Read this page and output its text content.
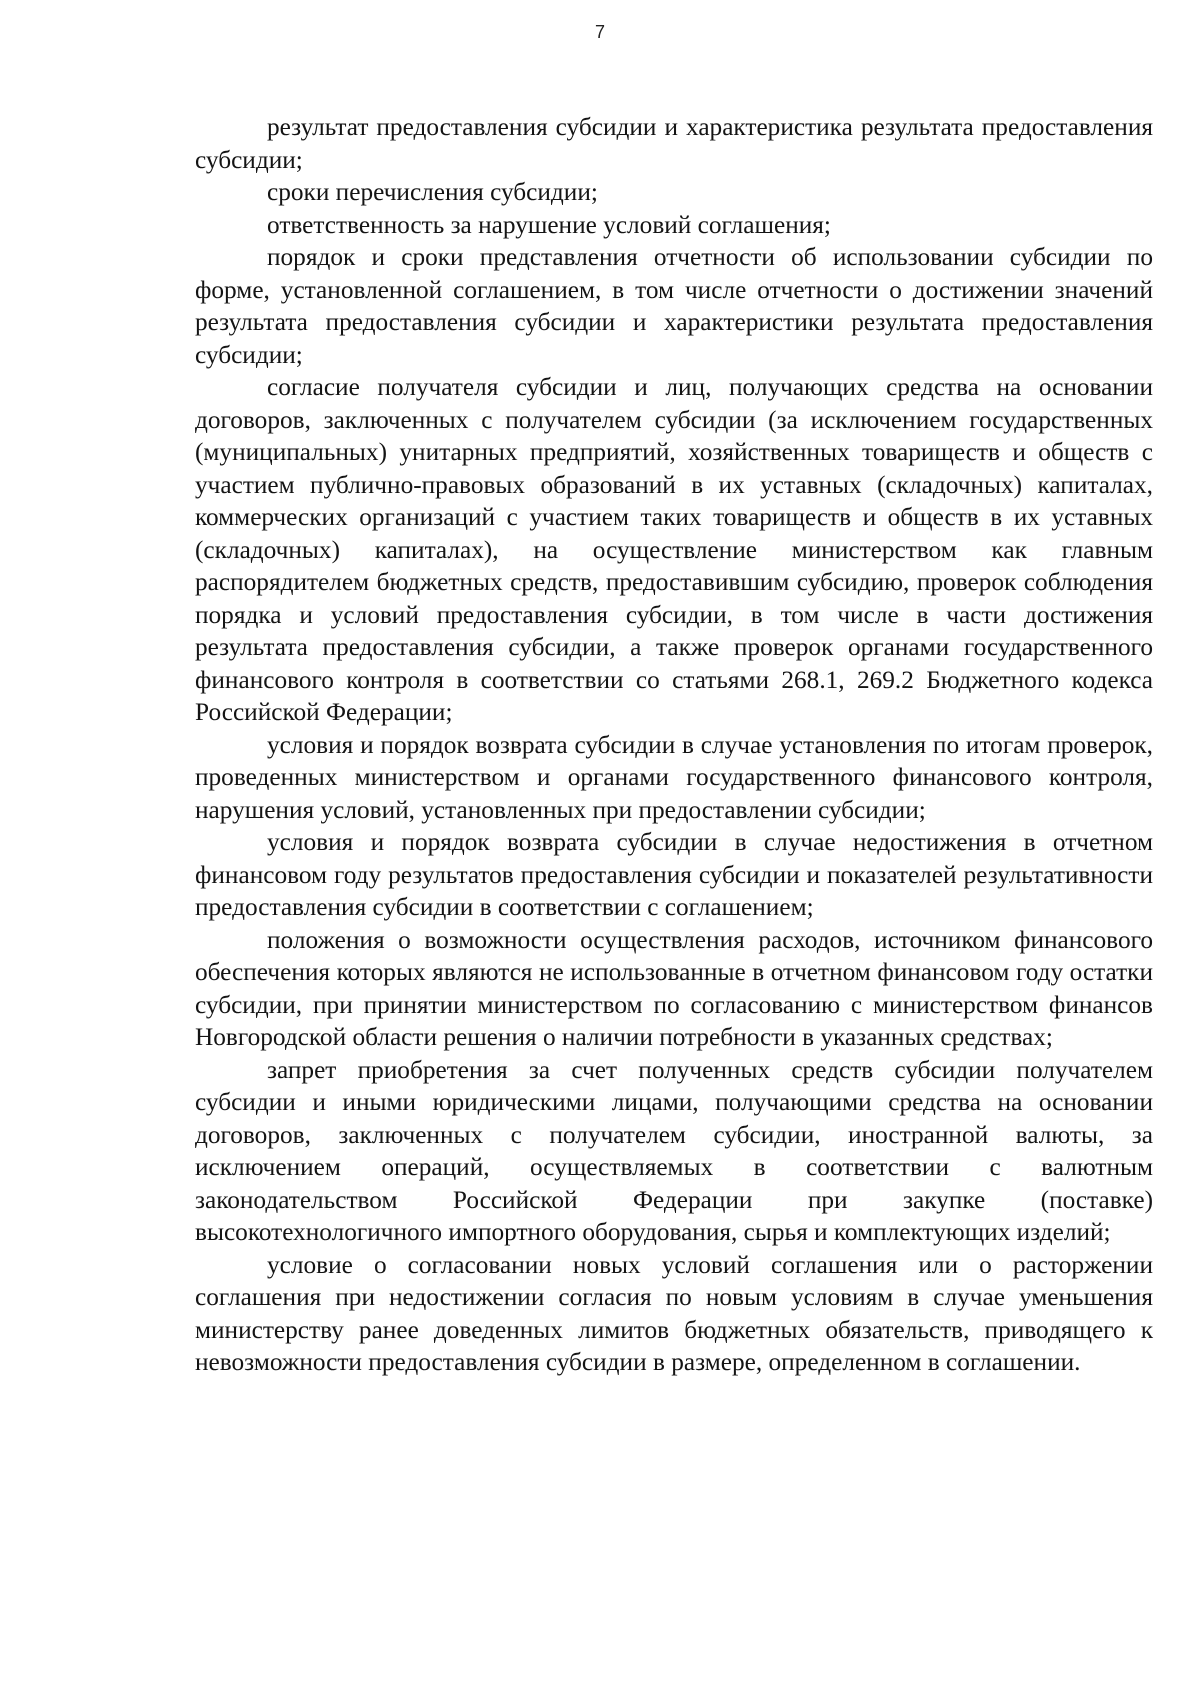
7

результат предоставления субсидии и характеристика результата предоставления субсидии;

сроки перечисления субсидии;

ответственность за нарушение условий соглашения;

порядок и сроки представления отчетности об использовании субсидии по форме, установленной соглашением, в том числе отчетности о достижении значений результата предоставления субсидии и характеристики результата предоставления субсидии;

согласие получателя субсидии и лиц, получающих средства на основании договоров, заключенных с получателем субсидии (за исключением государственных (муниципальных) унитарных предприятий, хозяйственных товариществ и обществ с участием публично-правовых образований в их уставных (складочных) капиталах, коммерческих организаций с участием таких товариществ и обществ в их уставных (складочных) капиталах), на осуществление министерством как главным распорядителем бюджетных средств, предоставившим субсидию, проверок соблюдения порядка и условий предоставления субсидии, в том числе в части достижения результата предоставления субсидии, а также проверок органами государственного финансового контроля в соответствии со статьями 268.1, 269.2 Бюджетного кодекса Российской Федерации;

условия и порядок возврата субсидии в случае установления по итогам проверок, проведенных министерством и органами государственного финансового контроля, нарушения условий, установленных при предоставлении субсидии;

условия и порядок возврата субсидии в случае недостижения в отчетном финансовом году результатов предоставления субсидии и показателей результативности предоставления субсидии в соответствии с соглашением;

положения о возможности осуществления расходов, источником финансового обеспечения которых являются не использованные в отчетном финансовом году остатки субсидии, при принятии министерством по согласованию с министерством финансов Новгородской области решения о наличии потребности в указанных средствах;

запрет приобретения за счет полученных средств субсидии получателем субсидии и иными юридическими лицами, получающими средства на основании договоров, заключенных с получателем субсидии, иностранной валюты, за исключением операций, осуществляемых в соответствии с валютным законодательством Российской Федерации при закупке (поставке) высокотехнологичного импортного оборудования, сырья и комплектующих изделий;

условие о согласовании новых условий соглашения или о расторжении соглашения при недостижении согласия по новым условиям в случае уменьшения министерству ранее доведенных лимитов бюджетных обязательств, приводящего к невозможности предоставления субсидии в размере, определенном в соглашении.
